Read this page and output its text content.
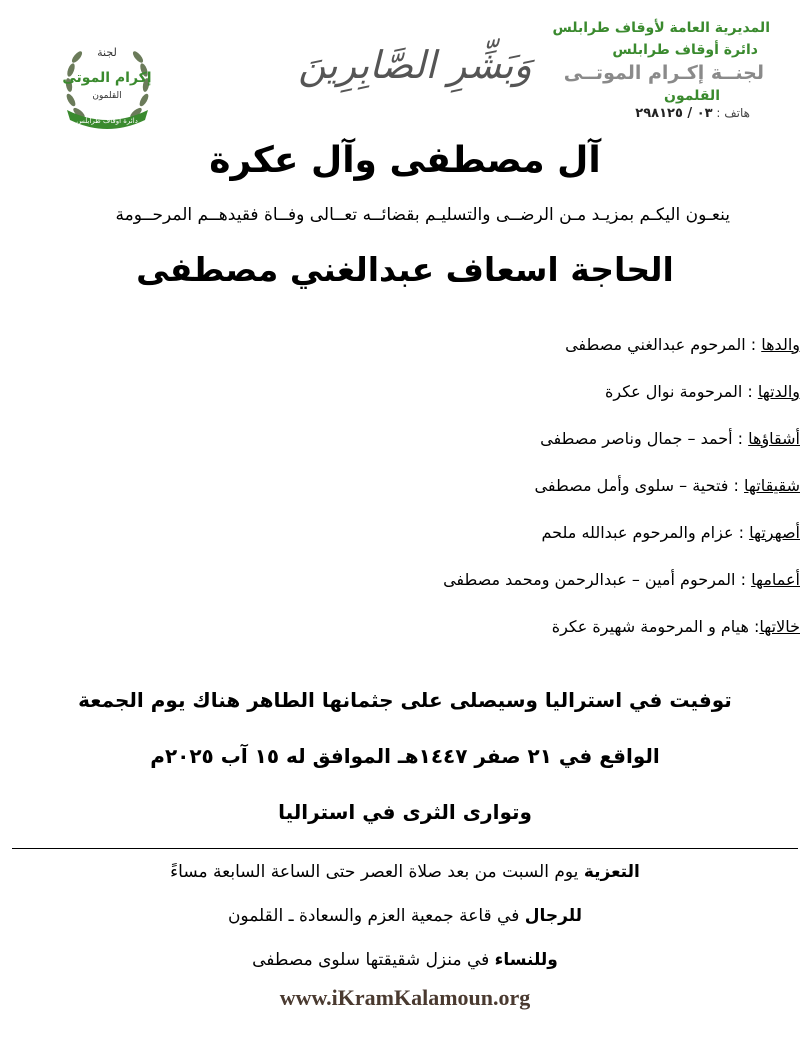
لجنة
إكرام الموتى
القلمون
دائرة أوقاف طرابلس
وَبَشِّرِ الصَّابِرِينَ
المديرية العامة لأوقاف طرابلس
دائرة أوقاف طرابلس
لجنــة إكـرام الموتــى
القلمون
هاتف : ٠٣ / ٢٩٨١٢٥
آل مصطفى وآل عكرة
ينعـون اليكـم بمزيـد مـن الرضــى والتسليـم بقضائــه تعــالى وفــاة فقيدهــم المرحــومة
الحاجة اسعاف عبدالغني مصطفى
والدها : المرحوم عبدالغني مصطفى
والدتها : المرحومة نوال عكرة
أشقاؤها : أحمد – جمال وناصر مصطفى
شقيقاتها : فتحية – سلوى وأمل مصطفى
أصهرتها : عزام والمرحوم عبدالله ملحم
أعمامها : المرحوم أمين – عبدالرحمن ومحمد مصطفى
خالاتها: هيام و المرحومة شهيرة عكرة
توفيت في استراليا وسيصلى على جثمانها الطاهر هناك يوم الجمعة
الواقع في ٢١ صفر ١٤٤٧هـ الموافق له ١٥ آب ٢٠٢٥م
وتوارى الثرى في استراليا
التعزية يوم السبت من بعد صلاة العصر حتى الساعة السابعة مساءً
للرجال في قاعة جمعية العزم والسعادة ـ القلمون
وللنساء في منزل شقيقتها سلوى مصطفى
www.iKramKalamoun.org
